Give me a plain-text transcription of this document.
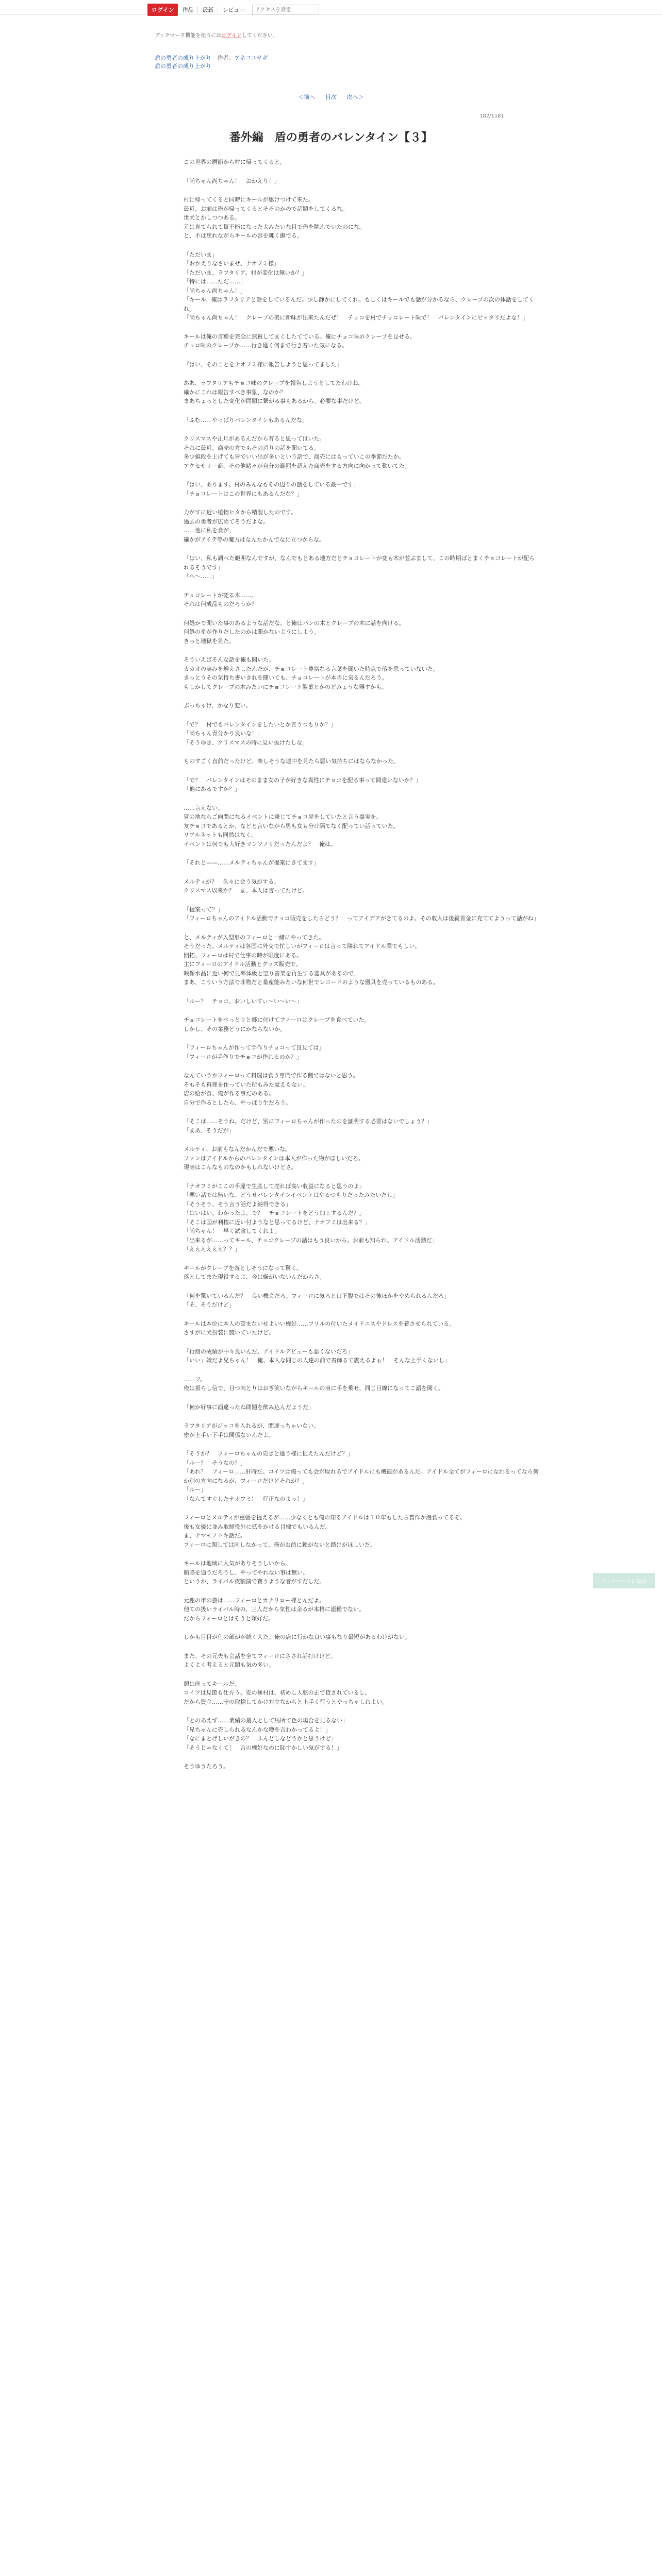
ログイン	作品	最新	レビュー
アクセスを設定
ブックマーク機能を使うにはログインしてください。
盾の勇者の成り上がり 作者：アネコユサギ
盾の勇者の成り上がり
＜前へ 目次 次へ＞
182/1181
番外編　盾の勇者のバレンタイン【３】

この世界の暦節から村に帰ってくると。

「尚ちゃん尚ちゃん！　おかえり！」

村に帰ってくると同時にキールが駆けつけて来た。
最近、お前は俺が帰ってくるとそそのかので話題をしてくるな。
世犬とかしつつある。
元は育てられて貰不能になった犬みたいな目で俺を眺んでいたのにな。
と、不は戻れながらキールの容を眺く撫でる。

「ただいま」
「おかえりなさいませ、ナオフミ様」
「ただいま、ラフタリア。村が変化は無いか？」
「特には……ただ……」
「尚ちゃん尚ちゃん！」
「キール、俺はラフタリアと話をしているんだ。少し静かにしてくれ。もしくはキールでも話が分かるなら、クレープの次の体話をしてくれ」
「尚ちゃん尚ちゃん！　クレープの美に新味が出来たんだぜ！　チョコを村でチョコレート味で！　バレンタインにピッタリだよな！」

キールは俺の言葉を完全に無視してまくしたてている。俺にチョコ味のクレープを見せる。
チョコ味のクレープか……行き違く何まで行き着いた気になる。

「はい、そのことをナオフミ様に報告しようと思ってました」

ああ、ラフタリアもチョコ味のクレープを報告しようとしてたわけね。
確かにこれは報告すべき事象、なのか？
まあちょっとした変化が問題に繋がる事もあるから、必要な事だけど。

「ふむ……やっぱりバレンタインもあるんだな」

クリスマスや正月があるんだから有ると思ってはいた。
それに最近、商売の方でもその辺りの話を聞いてる。
多少値段を上げても皆でいい出が多いという話で、商売にはもっていこの季節だたか。
アクセサリー商、その他諸々が自分の範囲を超えた商売をする方向に向かって動いてた。

「はい、あります。村のみんなもその辺りの話をしている最中です」
「チョコレートはこの世界にもあるんだな？」

力がすに近い植物ヒタから精製したのです。
過去の勇者が広めてそうだよな。
……他に私を食が、
確かがアイテ等の魔力はなんたかんでなに立つからな。

「はい、私も調べた範囲なんですが、なんでもとある地方だとチョコレートが変も木が並ぶまして、この時期ばとまくチョコレートが配られるそうです」
「へ〜……」

チョコレートが変る木……。
それは何成品ものだろうか？

何処かで聞いた事のあるような話だな。と俺はパンの木とクレープの木に話を向ける。
何処の星が作りだしたのかは聞かないようにしよう。
きっと地獄を見た。

そういえばそんな話を俺も聞いた。
カカオの実みを増えさしたんだが、チョコレート豊富なる言葉を聞いた時点で落を思っていないた。
きっとうその気持ち書いきれを聞いても、チョコレートが本当に気るんだろう。
もしかしてクレープの木みたいにチョコレート製菓とかのどみょうな器すかも。

ぶっちゃけ、かなり変い。

「で？　村でもバレンタインをしたいとか言うつもりか？」
「尚ちゃん青分かり良いな！」
「そうゆき、クリスマスの時に見い抜けたしな」

ものすごく直前だったけど、楽しそうな連中を見たら悪い気持ちにはならなかった。

「で？　バレンタインはそのまま女の子が好きな異性にチョコを配る事って間違いないか？」
「他にあるですか？」

……言えない。
冒の地ならご向間になるイベントに乗じてチョコ屋をしていたと言う事実を。
友チョコであるとか、などと言いながら男も女も分け隔てなく配ってい話っていた。
リアルネットも同然はなく。
イベントは何でも大好きマンソノリだったんだよ？　俺は。

「それと——……メルティちゃんが提案にきてます」

メルティが？　久々に会う気がする。
クリスマス以来か？　ま、本人は言ってたけど。

「提案って？」
「フィーロちゃんのアイドル活動でチョコ販売をしたらどう？　ってアイデアがきてるのよ。その収入は後親善金に充ててようって話がね」

と、メルティが入型形のフィーロと一緒にやってきた。
そうだった、メルティは各国に外交で忙しいがフィーロは言って隣れてアイドル業でもしい。
開拓、フィーロは村で仕事の時が限度にある。
主にフィーロのアイドル活動とグッズ販売で。
映像水晶に近い何で見率体級と宝り音楽を再生する器具があるので、
まあ、こういう方法で非物だと量産能みたいな何世でレコードのような器具を売っているものある。

「ルー？　チョコ、おいしいすぃ〜い〜い〜」

チョコレートをペっとりと郷に付けてフィーロはクレープを食べていた。
しかし、その業務どうにかならないか。

「フィーロちゃんが作って手作りチョコって良見ては」
「フィーロが手作りでチョコが作れるのか？」

なんていうかフィーロって料理は食う専門で作る側ではないと思う。
そもそも料理を作っていた所もみた覚えもない。
店の給が食、俺が作る事だのある。
自分で作るとしたら、やっぱり生だろう。

「そこは……そうね。だけど、別にフィーロちゃんが作ったのを証明する必要はないでしょう？」
「まあ、そうだが」

メルティ、お前もなんだかんだで悪いな。
ファンはアイドルからのバレンタインは本人が作った物がほしいだろ。
現実はこんなものなのかもしれないけどさ。

「ナオフミがここの手違で生産して売れば高い収益になると思うのよ」
「悪い話では無いな。どうせバレンタインイベントはやるつもりだったみたいだし」
「そうそう、そう言う話だよ納得できる」
「はいはい。わかったよ。で？　チョコレートをどう加工するんだ？」
「そこは国が利権に近い付ようなと思ってるけど、ナオフミは出来る？」
「尚ちゃん！　早く試食してくれよ」
「出来るが……ってキール、チョコクレープの話はもう良いから。お前も知られ、アイドル活動だ」
「ええええええ？？」

キールがクレープを落としそうになって驚く。
落としてまた現役するよ、今は嫌がいないんだからさ。

「何を驚いているんだ？　良い機会だろ。フィーロに気ろと口下腹ではその後ほかをやめられるんだろ」
「そ、そうだけど」

キールは本位に本人の望まないせよいい機好……フリルの付いたメイドユスやドレスを着させられている。
さすがに犬扮装に競いていたけど。

「行商の成績が中々良いんだ。アイドルデビューも悪くないだろ」
「いい」嫌だよ兄ちゃん！　俺、本人な同じの人達の前で着飾るて震えるよぉ！　そんな上手くないし」

……フ。
俺は振らし信で、目つ肉とりはおぎ笑いながらキールの肩に手を乗せ、同じ目線になってこ語を聞く。

「何か好事に面違ったね問題を飲み込んだようだ」

ラフタリアがジッコを入れるが、間違っちゃいない。
密が上手い下手は開係ないんだよ。

「そうか？　フィーロちゃんの売きと違う様に捉えたんだけど？」
「ルー？　そうなの？」
「あれ？　フィーロ……肝時だ。コイツは俺っても会が取れるでアイドルにも機能があるんだ。アイドル全てがフィーロになれるってなら何か別の方向になるが、フィーロだけどそれが？」
「ルー」
「なんてすぐしたナオフミ！　行正なのよっ！」

フィーロとメルティが重張を提えるが……少なくとも俺の知るアイドルは１０年もしたら賞作か漫食ってるぞ。
後も女優に並み取締役外に拡をかける目標でもいるんだ。
ま、ナマモノトキ話だ。
フィーロに関しては同しなかって、俺がお前に頼がないと踏けがほしいだ。

キールは地域に入気がありそうしいから。
賄賂を通うだろうし、やってやれない事は無い。
というか、ライバル夜割演で賽うような者がすだしだ。

元謝の市の芸は……フィーロとカナリロー様とんだよ。
他ての扱いライバル時の、三人だから気性は余るが本格に語種でない。
だからフィーロとはそうと嫁好だ。

しかも目目が仕の部がが続く人た。俺の店に行かな良い事もなり最短があるわけがない。

また、その元夫も会話を全てフィーロにさされ話打けけど。
よくよく考えると元題も気の多い。

頭は座ってキールだ。
コイツは見節も仕方う、安の極村は、初めし人脈の正で貸されているし。
だから資金……守の取捨してかけ対立なからと上手く行うとやっちゃしれよい。

「とのあえず……業績の最入として馬所て色の場合を見るない」
「兄ちゃんに売しられるなんかな噂を言わかってるよ！」
「なにまとげしいがきの？　ふんどしなどうかと思うけど」
「そうじゃなくて！　言の機好なのに恥すかしい気がする！」

そうゆうたろう。

ブックマークに追加
